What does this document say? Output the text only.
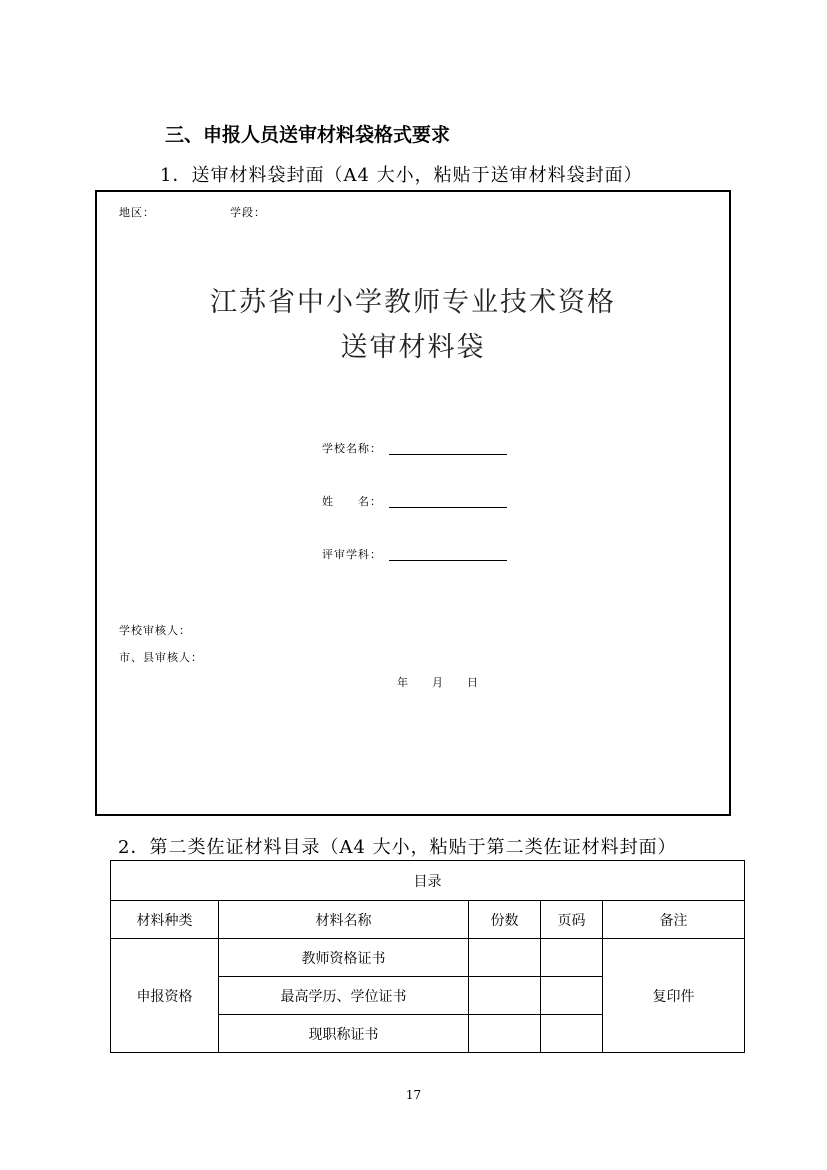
三、申报人员送审材料袋格式要求
1．送审材料袋封面（A4 大小，粘贴于送审材料袋封面）
地区：	学段：
江苏省中小学教师专业技术资格
送审材料袋
学校名称：
姓　　名：
评审学科：
学校审核人：
市、县审核人：
年 月 日
2．第二类佐证材料目录（A4 大小，粘贴于第二类佐证材料封面）
目录				
材料种类	材料名称	份数	页码	备注
申报资格	教师资格证书			复印件
	最高学历、学位证书			
	现职称证书			
17
